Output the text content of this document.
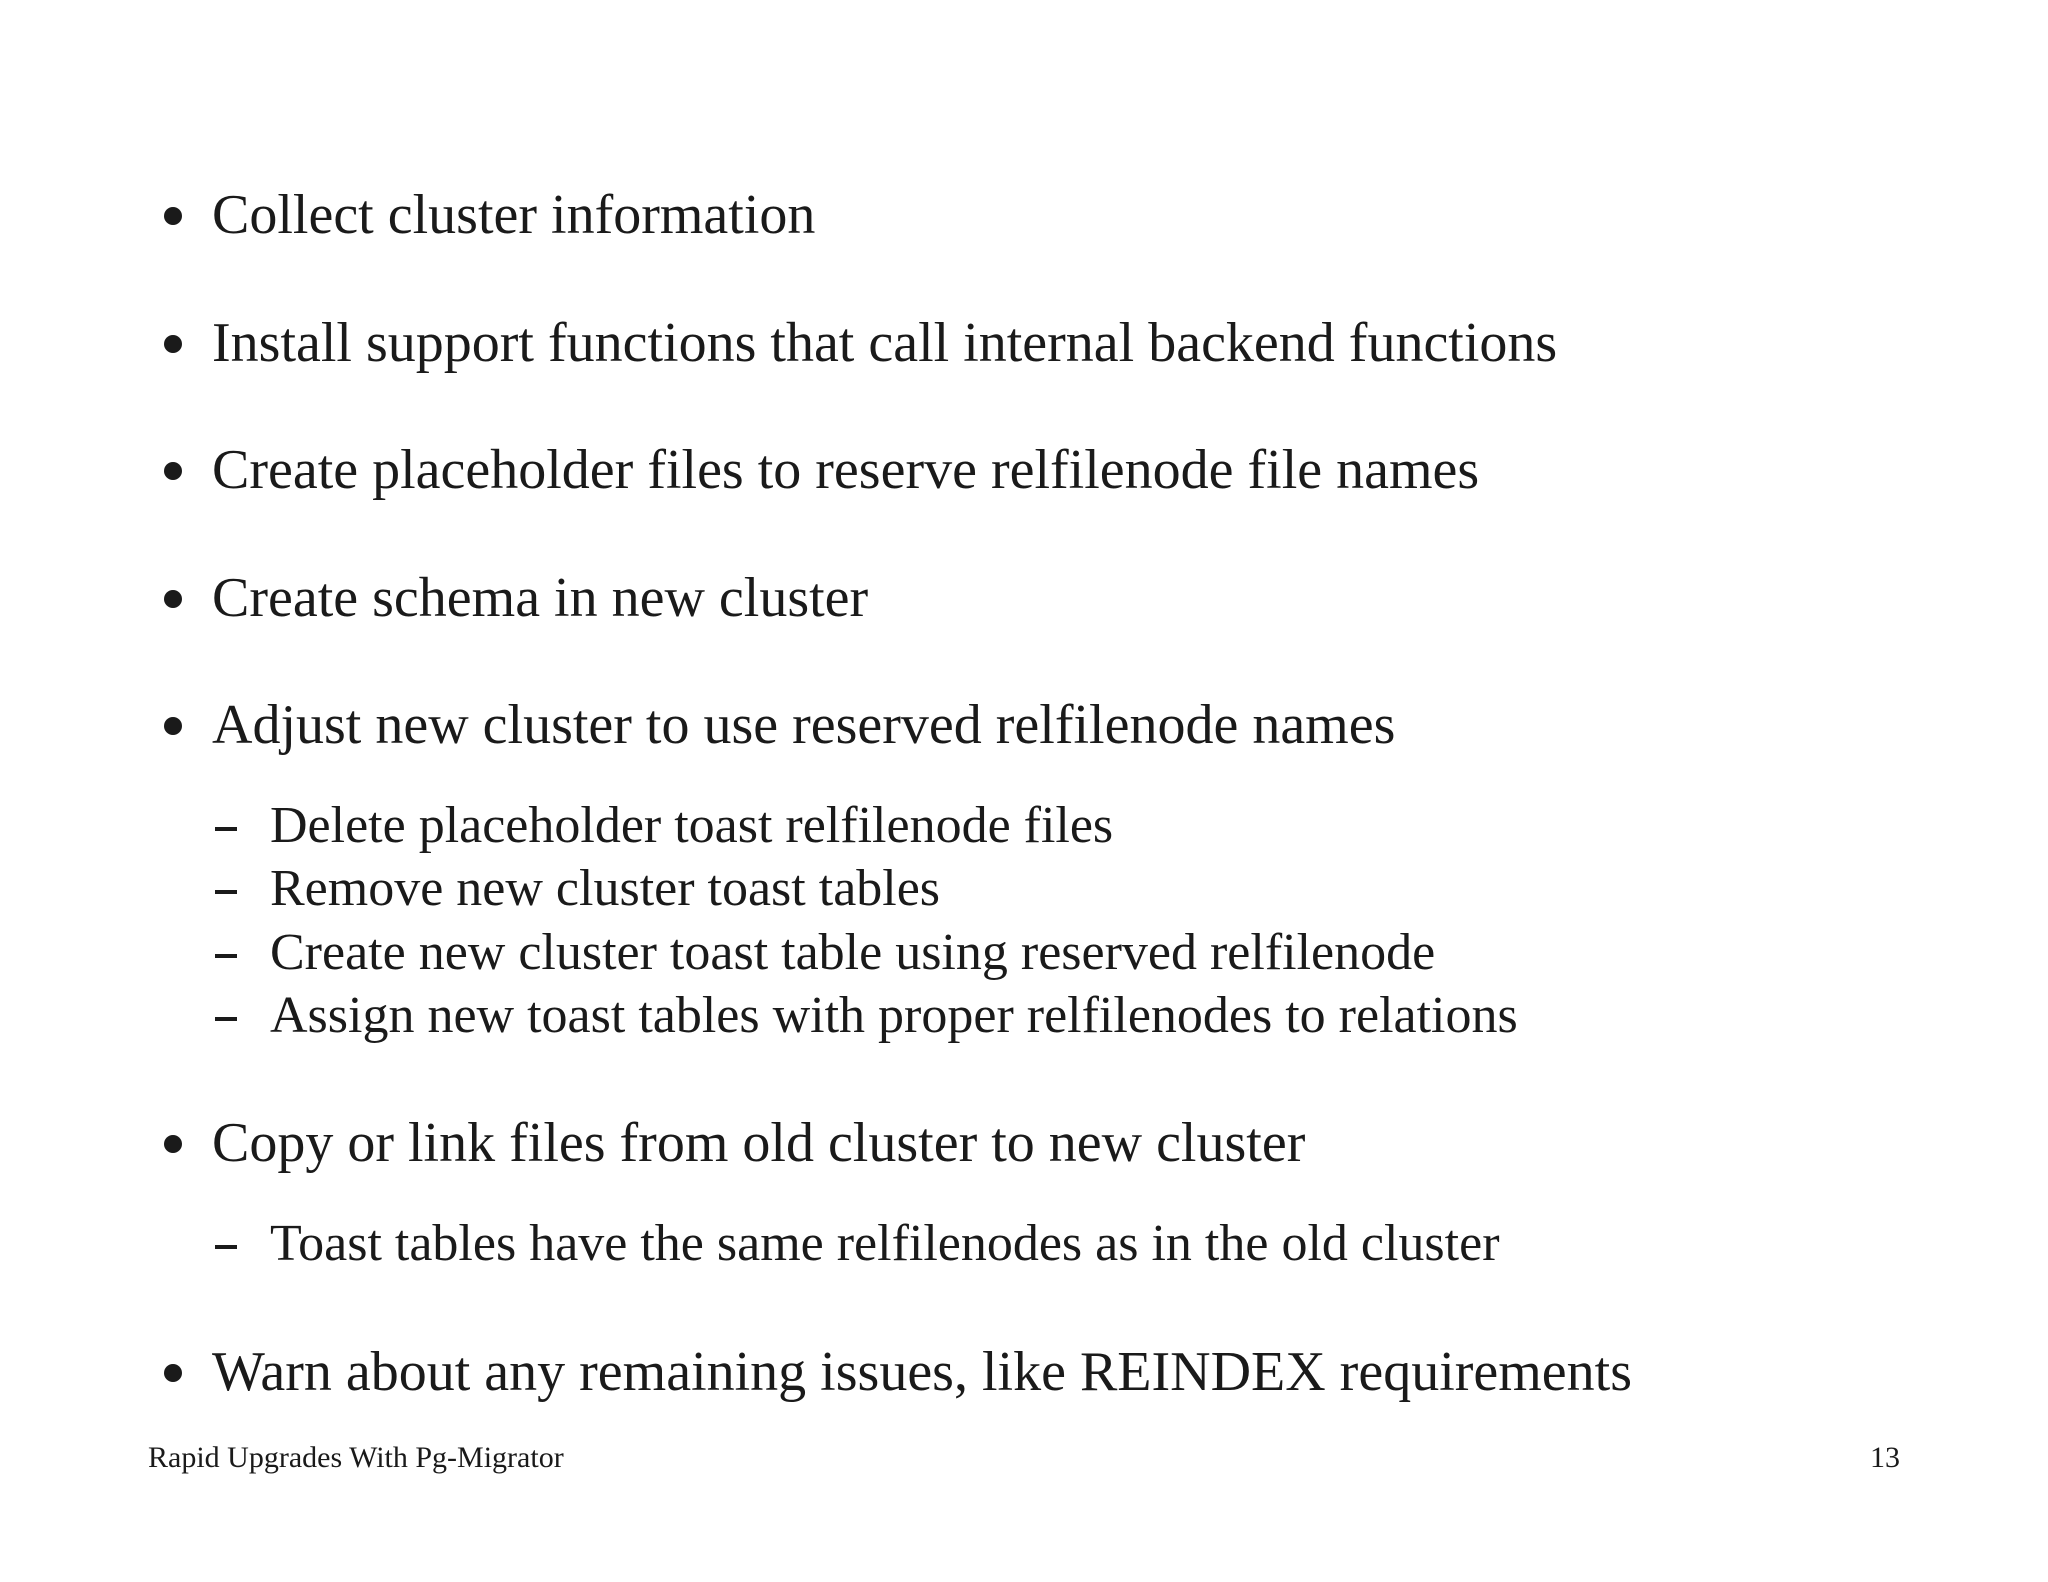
Collect cluster information
Install support functions that call internal backend functions
Create placeholder files to reserve relfilenode file names
Create schema in new cluster
Adjust new cluster to use reserved relfilenode names
Delete placeholder toast relfilenode files
Remove new cluster toast tables
Create new cluster toast table using reserved relfilenode
Assign new toast tables with proper relfilenodes to relations
Copy or link files from old cluster to new cluster
Toast tables have the same relfilenodes as in the old cluster
Warn about any remaining issues, like REINDEX requirements
Rapid Upgrades With Pg-Migrator	13
